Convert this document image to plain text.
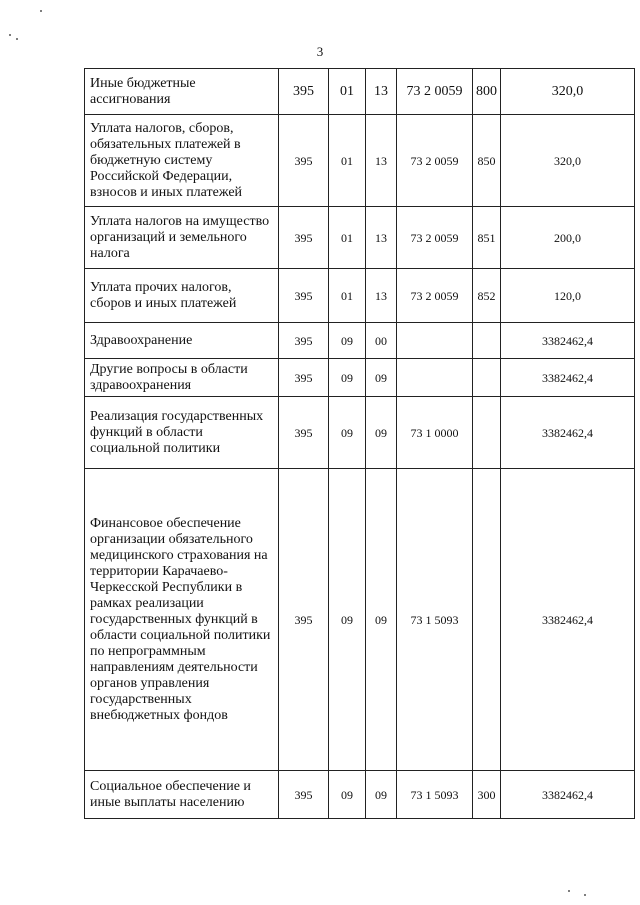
3
Иные бюджетные ассигнования	395	01	13	73 2 0059	800	320,0
Уплата налогов, сборов, обязательных платежей в бюджетную систему Российской Федерации, взносов и иных платежей	395	01	13	73 2 0059	850	320,0
Уплата налогов на имущество организаций и земельного налога	395	01	13	73 2 0059	851	200,0
Уплата прочих налогов, сборов и иных платежей	395	01	13	73 2 0059	852	120,0
Здравоохранение	395	09	00			3382462,4
Другие вопросы в области здравоохранения	395	09	09			3382462,4
Реализация государственных функций в области социальной политики	395	09	09	73 1 0000		3382462,4
Финансовое обеспечение организации обязательного медицинского страхования на территории Карачаево-Черкесской Республики в рамках реализации государственных функций в области социальной политики по непрограммным направлениям деятельности органов управления государственных внебюджетных фондов	395	09	09	73 1 5093		3382462,4
Социальное обеспечение и иные выплаты населению	395	09	09	73 1 5093	300	3382462,4
